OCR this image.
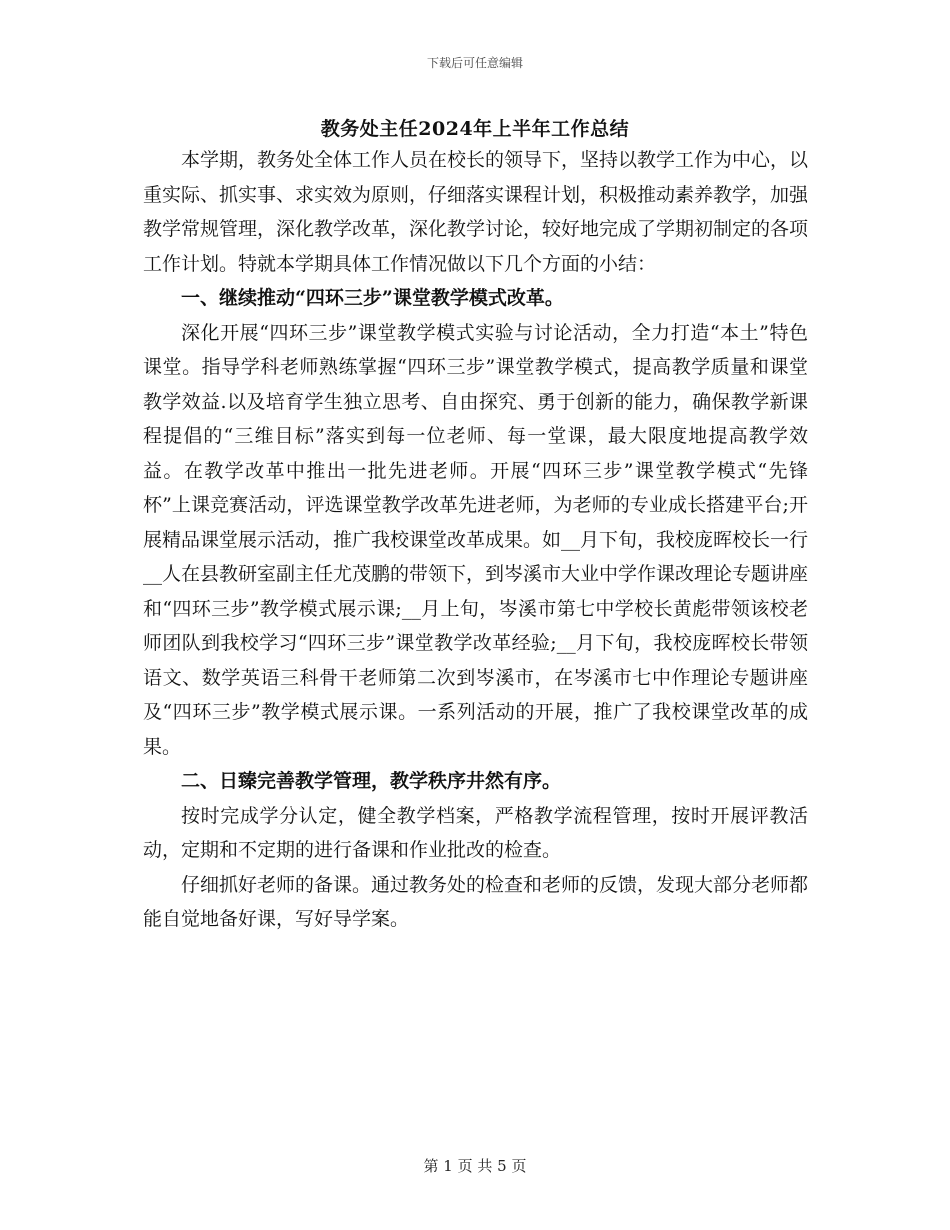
下载后可任意编辑
教务处主任2024年上半年工作总结

本学期，教务处全体工作人员在校长的领导下，坚持以教学工作为中心，以重实际、抓实事、求实效为原则，仔细落实课程计划，积极推动素养教学，加强教学常规管理，深化教学改革，深化教学讨论，较好地完成了学期初制定的各项工作计划。特就本学期具体工作情况做以下几个方面的小结：

一、继续推动“四环三步”课堂教学模式改革。

深化开展“四环三步”课堂教学模式实验与讨论活动，全力打造“本土”特色课堂。指导学科老师熟练掌握“四环三步”课堂教学模式，提高教学质量和课堂教学效益.以及培育学生独立思考、自由探究、勇于创新的能力，确保教学新课程提倡的“三维目标”落实到每一位老师、每一堂课，最大限度地提高教学效益。在教学改革中推出一批先进老师。开展“四环三步”课堂教学模式“先锋杯”上课竞赛活动，评选课堂教学改革先进老师，为老师的专业成长搭建平台;开展精品课堂展示活动，推广我校课堂改革成果。如__月下旬，我校庞晖校长一行__人在县教研室副主任尤茂鹏的带领下，到岑溪市大业中学作课改理论专题讲座和“四环三步”教学模式展示课;__月上旬，岑溪市第七中学校长黄彪带领该校老师团队到我校学习“四环三步”课堂教学改革经验;__月下旬，我校庞晖校长带领语文、数学英语三科骨干老师第二次到岑溪市，在岑溪市七中作理论专题讲座及“四环三步”教学模式展示课。一系列活动的开展，推广了我校课堂改革的成果。

二、日臻完善教学管理，教学秩序井然有序。

按时完成学分认定，健全教学档案，严格教学流程管理，按时开展评教活动，定期和不定期的进行备课和作业批改的检查。

仔细抓好老师的备课。通过教务处的检查和老师的反馈，发现大部分老师都能自觉地备好课，写好导学案。

第 1 页 共 5 页
